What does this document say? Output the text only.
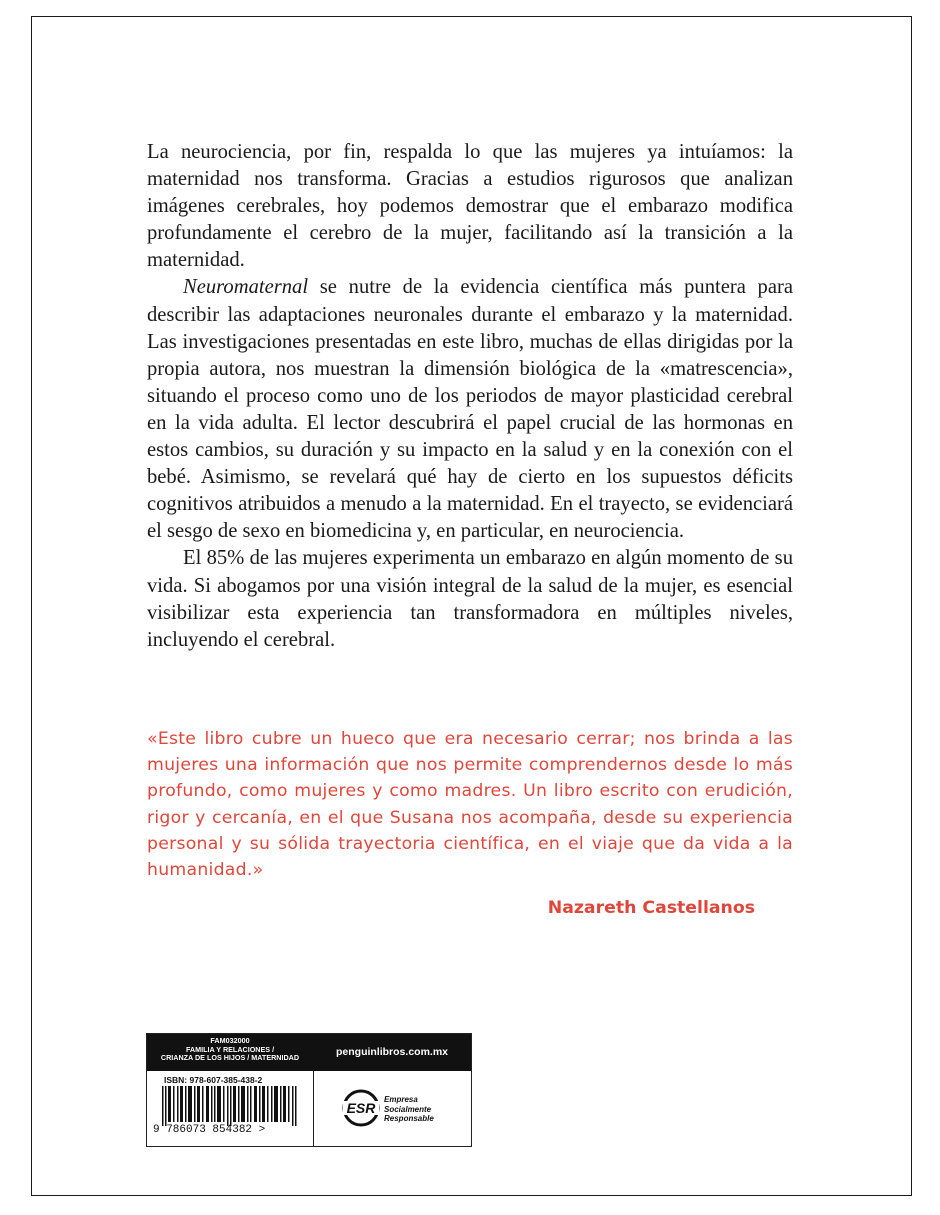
La neurociencia, por fin, respalda lo que las mujeres ya intuíamos: la maternidad nos transforma. Gracias a estudios rigurosos que analizan imágenes cerebrales, hoy podemos demostrar que el embarazo modifica profundamente el cerebro de la mujer, facilitando así la transición a la maternidad.

Neuromaternal se nutre de la evidencia científica más puntera para describir las adaptaciones neuronales durante el embarazo y la maternidad. Las investigaciones presentadas en este libro, muchas de ellas dirigidas por la propia autora, nos muestran la dimensión biológica de la «matrescencia», situando el proceso como uno de los periodos de mayor plasticidad cerebral en la vida adulta. El lector descubrirá el papel crucial de las hormonas en estos cambios, su duración y su impacto en la salud y en la conexión con el bebé. Asimismo, se revelará qué hay de cierto en los supuestos déficits cognitivos atribuidos a menudo a la maternidad. En el trayecto, se evidenciará el sesgo de sexo en biomedicina y, en particular, en neurociencia.

El 85% de las mujeres experimenta un embarazo en algún momento de su vida. Si abogamos por una visión integral de la salud de la mujer, es esencial visibilizar esta experiencia tan transformadora en múltiples niveles, incluyendo el cerebral.

«Este libro cubre un hueco que era necesario cerrar; nos brinda a las mujeres una información que nos permite comprendernos desde lo más profundo, como mujeres y como madres. Un libro escrito con erudición, rigor y cercanía, en el que Susana nos acompaña, desde su experiencia personal y su sólida trayectoria científica, en el viaje que da vida a la humanidad.»

Nazareth Castellanos

FAM032000
FAMILIA Y RELACIONES /
CRIANZA DE LOS HIJOS / MATERNIDAD
ISBN: 978-607-385-438-2
9 786073 854382 >
penguinlibros.com.mx
ESR
Empresa
Socialmente
Responsable
